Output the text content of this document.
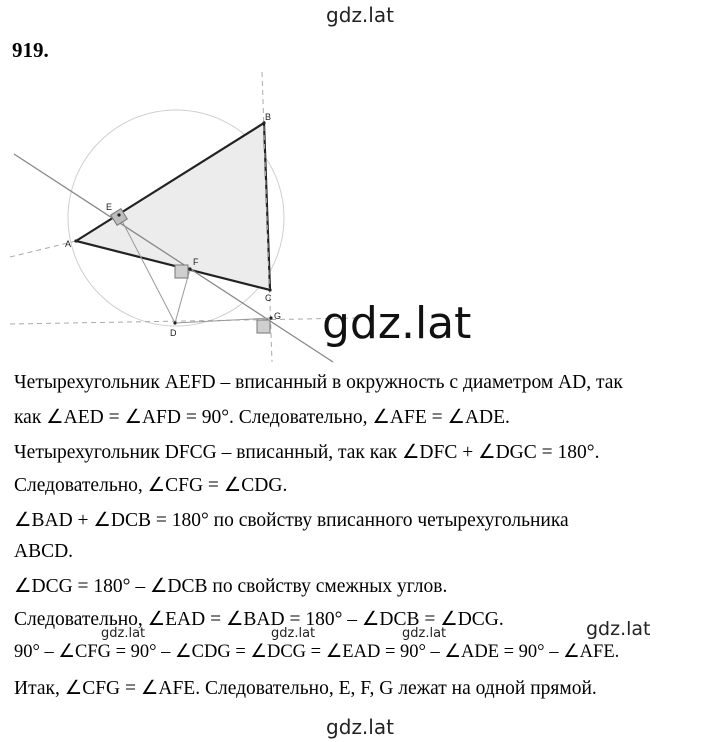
gdz.lat
919.
A
B
C
D
E
F
G gdz.lat
Четырехугольник AEFD – вписанный в окружность с диаметром AD, так
как ∠AED = ∠AFD = 90°. Следовательно, ∠AFE = ∠ADE.
Четырехугольник DFCG – вписанный, так как ∠DFC + ∠DGC = 180°.
Следовательно, ∠CFG = ∠CDG.
∠BAD + ∠DCB = 180° по свойству вписанного четырехугольника
ABCD.
∠DCG = 180° – ∠DCB по свойству смежных углов.
Следовательно, ∠EAD = ∠BAD = 180° – ∠DCB = ∠DCG.	gdz.lat
gdz.lat	gdz.lat	gdz.lat
90° – ∠CFG = 90° – ∠CDG = ∠DCG = ∠EAD = 90° – ∠ADE = 90° – ∠AFE.
Итак, ∠CFG = ∠AFE. Следовательно, E, F, G лежат на одной прямой.
gdz.lat
